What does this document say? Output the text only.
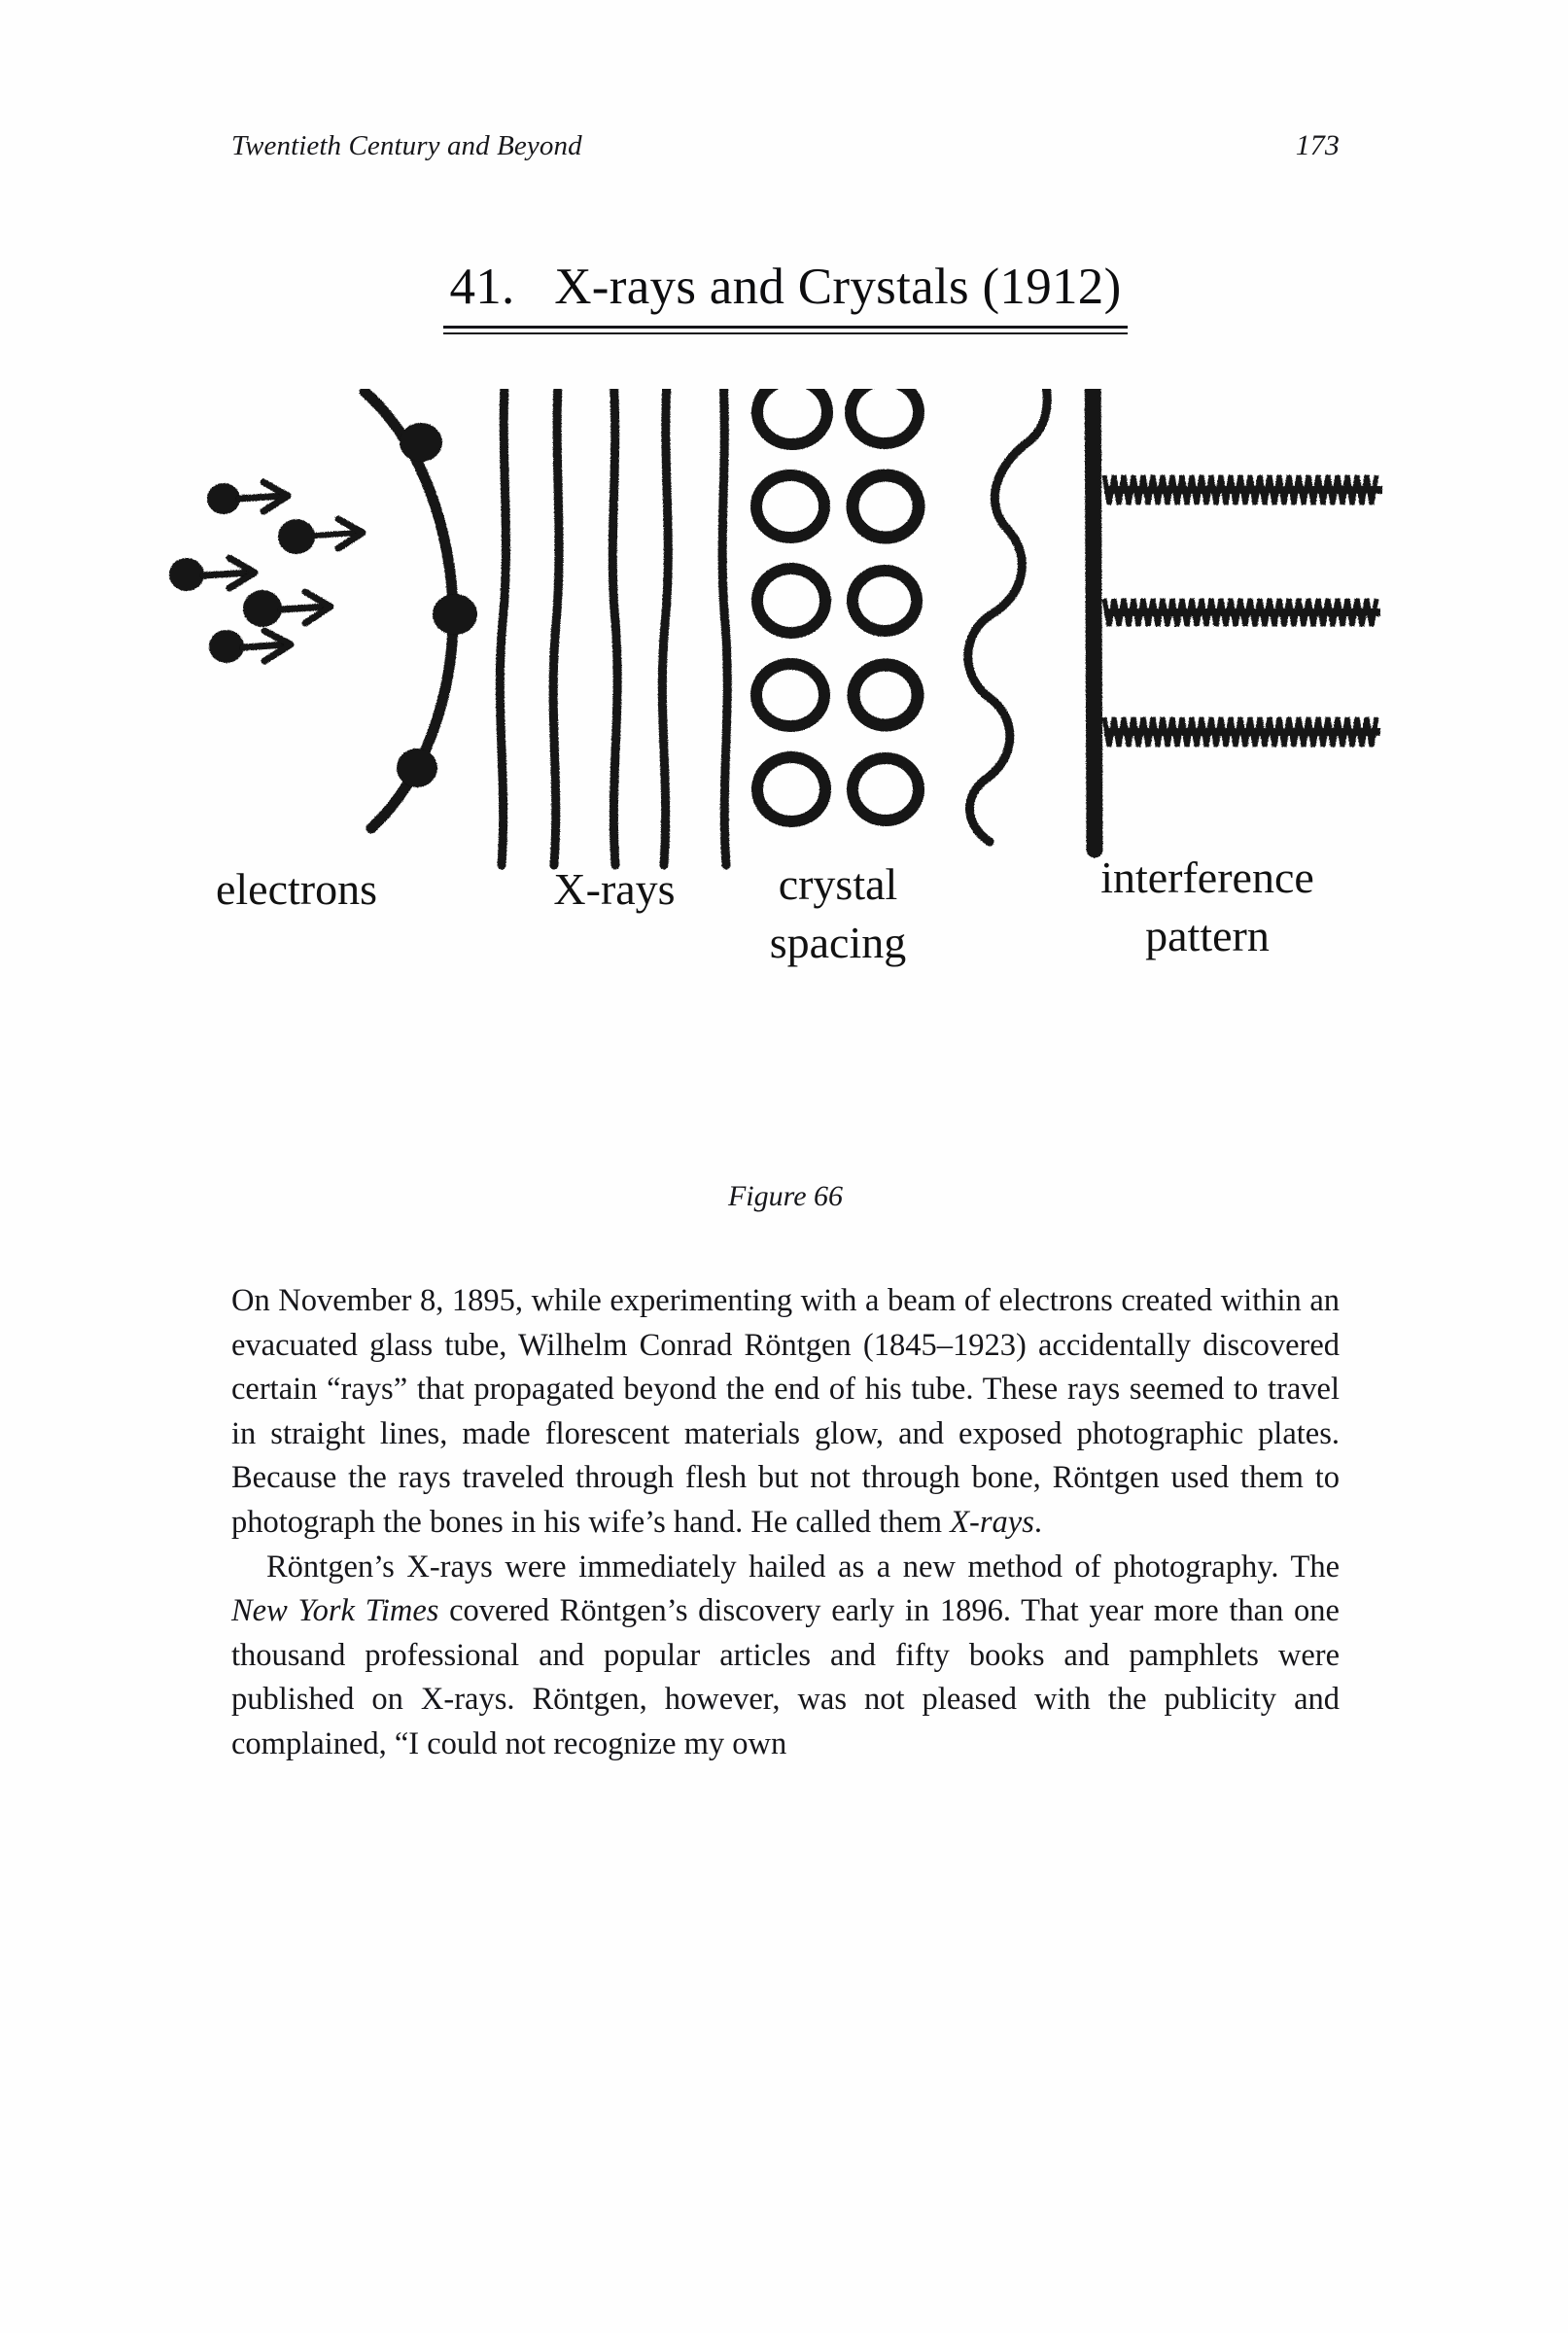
Twentieth Century and Beyond	173
41.   X-rays and Crystals (1912)
electrons	X-rays crystal
spacing
interference
pattern
Figure 66

On November 8, 1895, while experimenting with a beam of electrons created within an evacuated glass tube, Wilhelm Conrad Röntgen (1845–1923) accidentally discovered certain “rays” that propagated beyond the end of his tube. These rays seemed to travel in straight lines, made florescent materials glow, and exposed photographic plates. Because the rays traveled through flesh but not through bone, Röntgen used them to photograph the bones in his wife’s hand. He called them X-rays.

Röntgen’s X-rays were immediately hailed as a new method of photography. The New York Times covered Röntgen’s discovery early in 1896. That year more than one thousand professional and popular articles and fifty books and pamphlets were published on X-rays. Röntgen, however, was not pleased with the publicity and complained, “I could not recognize my own
